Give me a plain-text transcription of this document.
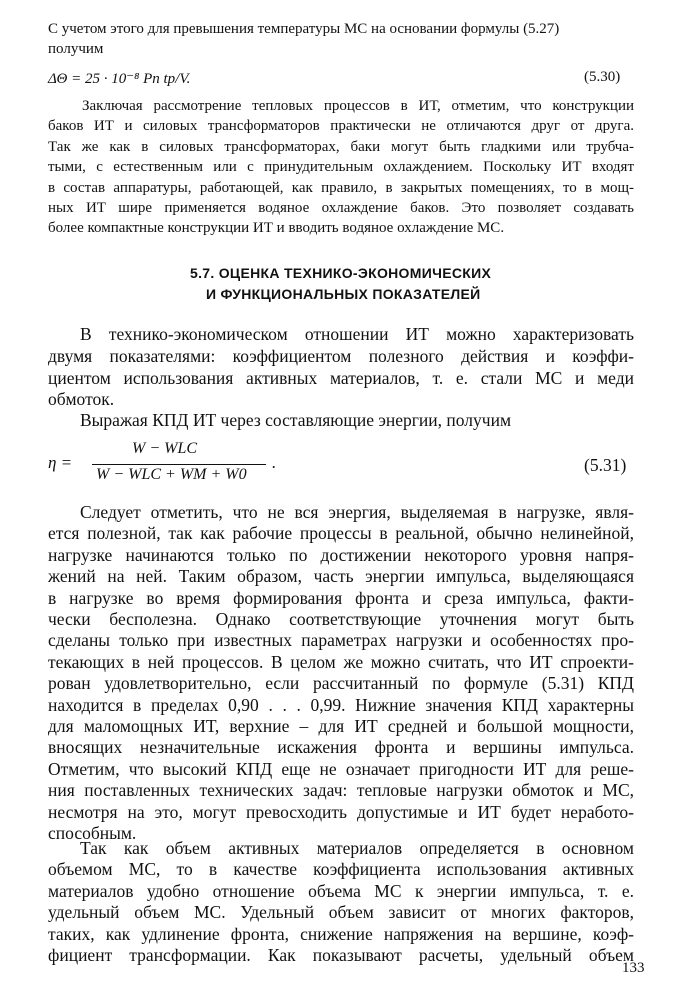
С учетом этого для превышения температуры МС на основании формулы (5.27)
получим
ΔΘ = 25 · 10⁻⁸ Pп tр/V.	(5.30)
Заключая рассмотрение тепловых процессов в ИТ, отметим, что конструкции
баков ИТ и силовых трансформаторов практически не отличаются друг от друга.
Так же как в силовых трансформаторах, баки могут быть гладкими или трубча-
тыми, с естественным или с принудительным охлаждением. Поскольку ИТ входят
в состав аппаратуры, работающей, как правило, в закрытых помещениях, то в мощ-
ных ИТ шире применяется водяное охлаждение баков. Это позволяет создавать
более компактные конструкции ИТ и вводить водяное охлаждение МС.
5.7. ОЦЕНКА ТЕХНИКО-ЭКОНОМИЧЕСКИХ
И ФУНКЦИОНАЛЬНЫХ ПОКАЗАТЕЛЕЙ
В технико-экономическом отношении ИТ можно характеризовать
двумя показателями: коэффициентом полезного действия и коэффи-
циентом использования активных материалов, т. е. стали МС и меди
обмоток.
Выражая КПД ИТ через составляющие энергии, получим
η =
W − WLC
W − WLC + WM + W0
.	(5.31)
Следует отметить, что не вся энергия, выделяемая в нагрузке, явля-
ется полезной, так как рабочие процессы в реальной, обычно нелинейной,
нагрузке начинаются только по достижении некоторого уровня напря-
жений на ней. Таким образом, часть энергии импульса, выделяющаяся
в нагрузке во время формирования фронта и среза импульса, факти-
чески бесполезна. Однако соответствующие уточнения могут быть
сделаны только при известных параметрах нагрузки и особенностях про-
текающих в ней процессов. В целом же можно считать, что ИТ спроекти-
рован удовлетворительно, если рассчитанный по формуле (5.31) КПД
находится в пределах 0,90 . . . 0,99. Нижние значения КПД характерны
для маломощных ИТ, верхние – для ИТ средней и большой мощности,
вносящих незначительные искажения фронта и вершины импульса.
Отметим, что высокий КПД еще не означает пригодности ИТ для реше-
ния поставленных технических задач: тепловые нагрузки обмоток и МС,
несмотря на это, могут превосходить допустимые и ИТ будет неработо-
способным.
Так как объем активных материалов определяется в основном
объемом МС, то в качестве коэффициента использования активных
материалов удобно отношение объема МС к энергии импульса, т. е.
удельный объем МС. Удельный объем зависит от многих факторов,
таких, как удлинение фронта, снижение напряжения на вершине, коэф-
фициент трансформации. Как показывают расчеты, удельный объем
133
